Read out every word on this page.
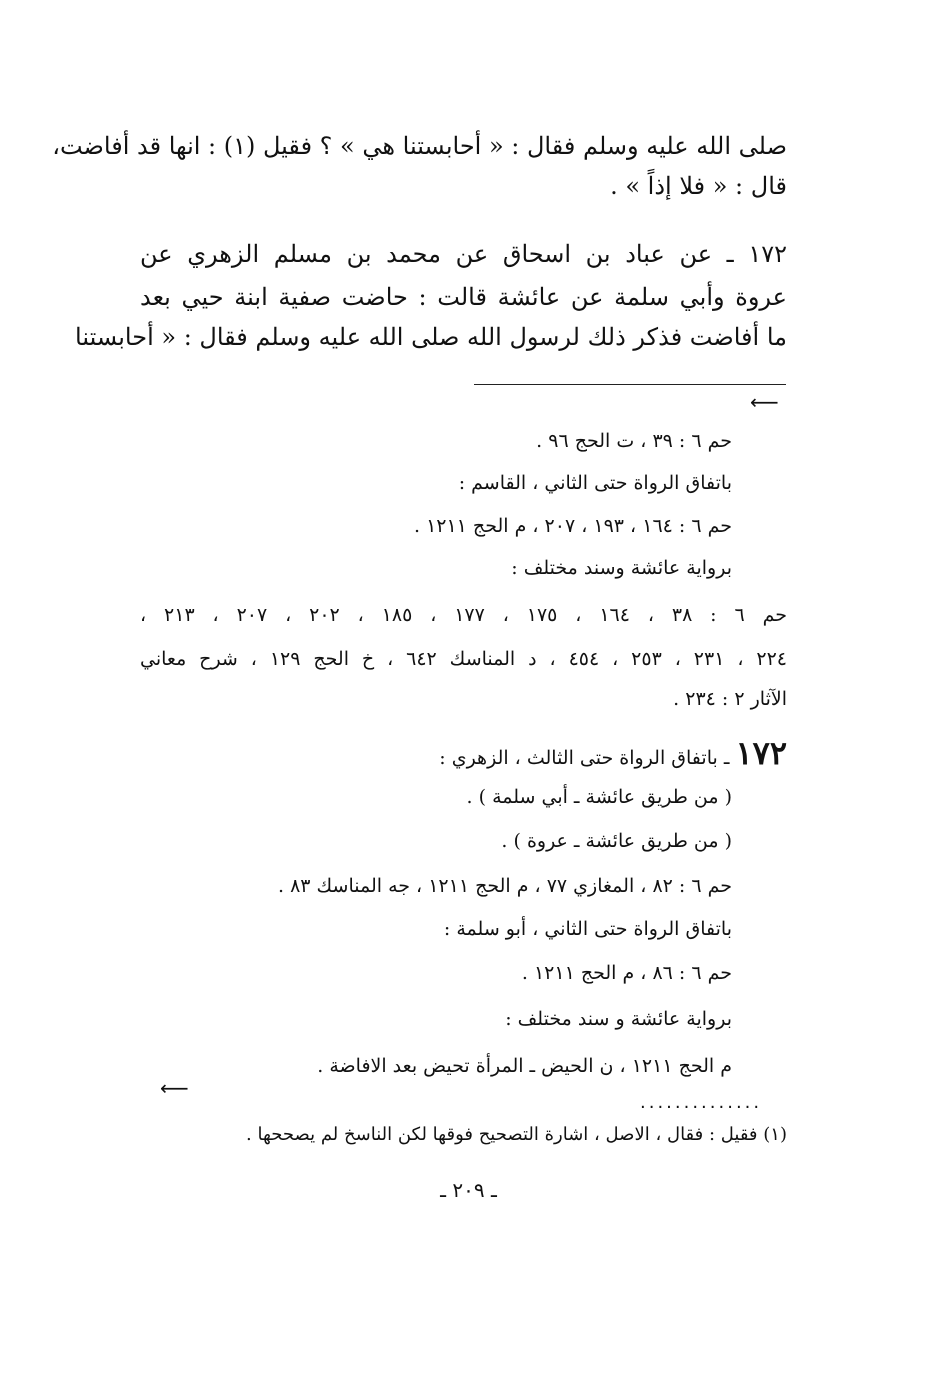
صلى الله عليه وسلم فقال : « أحابستنا هي » ؟ فقيل (١) : انها قد أفاضت،
قال : « فلا إذاً » .
١٧٢ ـ عن عباد بن اسحاق عن محمد بن مسلم الزهري عن
عروة وأبي سلمة عن عائشة قالت : حاضت صفية ابنة حيي بعد
ما أفاضت فذكر ذلك لرسول الله صلى الله عليه وسلم فقال : « أحابستنا
⟵
حم ٦ : ٣٩ ، ت الحج ٩٦ .
باتفاق الرواة حتى الثاني ، القاسم :
حم ٦ : ١٦٤ ، ١٩٣ ، ٢٠٧ ، م الحج ١٢١١ .
برواية عائشة وسند مختلف :
حم ٦ : ٣٨ ، ١٦٤ ، ١٧٥ ، ١٧٧ ، ١٨٥ ، ٢٠٢ ، ٢٠٧ ، ٢١٣ ،
٢٢٤ ، ٢٣١ ، ٢٥٣ ، ٤٥٤ ، د المناسك ٦٤٢ ، خ الحج ١٢٩ ، شرح معاني
الآثار ٢ : ٢٣٤ .
١٧٢ ـ باتفاق الرواة حتى الثالث ، الزهري :
( من طريق عائشة ـ أبي سلمة ) .
( من طريق عائشة ـ عروة ) .
حم ٦ : ٨٢ ، المغازي ٧٧ ، م الحج ١٢١١ ، جه المناسك ٨٣ .
باتفاق الرواة حتى الثاني ، أبو سلمة :
حم ٦ : ٨٦ ، م الحج ١٢١١ .
برواية عائشة و سند مختلف :
م الحج ١٢١١ ، ن الحيض ـ المرأة تحيض بعد الافاضة .
⟵
..............
(١) فقيل : فقال ، الاصل ، اشارة التصحيح فوقها لكن الناسخ لم يصححها .
ـ ٢٠٩ ـ
